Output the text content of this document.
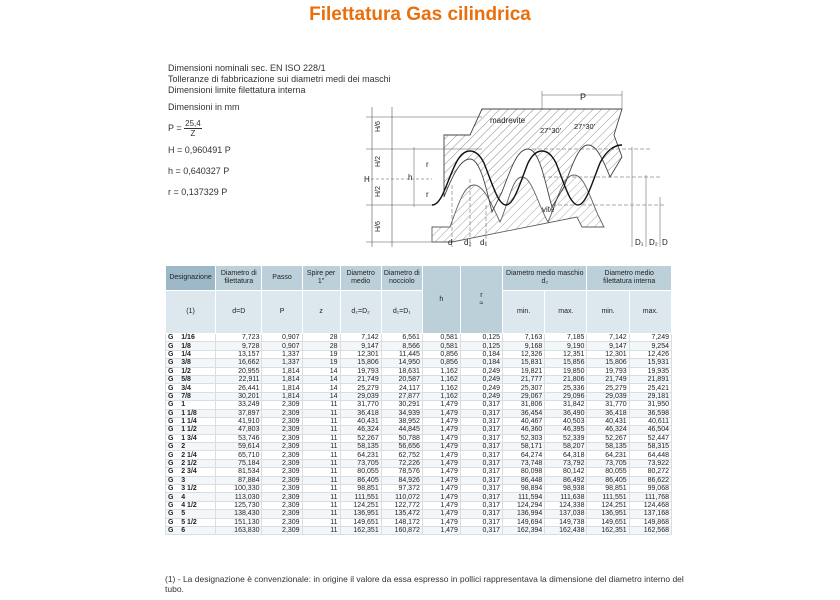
Filettatura Gas cilindrica
Dimensioni nominali sec. EN ISO 228/1
Tolleranze di fabbricazione sui diametri medi dei maschi
Dimensioni limite filettatura interna
Dimensioni in mm
$P = \frac{25,4}{Z}$
H = 0,960491 P
h = 0,640327 P
r = 0,137329 P
P
madrevite
vite
27°30' 27°30'
H/6
H/2
H/2
H/6
H	h
r
r
d d₂ d₁	D₁ D₂ D
Designazione	Diametro di filettatura	Passo	Spire per 1"	Diametro medio	Diametro di nocciolo	h	r
≈	Diametro medio maschio d₂		Diametro medio filettatura interna	
(1)	d=D	P	z	d₂=D₂	d₁=D₁			min.	max.	min.	max.
G    1/16	7,723	0,907	28	7,142	6,561	0,581	0,125	7,163	7,185	7,142	7,249
G    1/8	9,728	0,907	28	9,147	8,566	0,581	0,125	9,168	9,190	9,147	9,254
G    1/4	13,157	1,337	19	12,301	11,445	0,856	0,184	12,326	12,351	12,301	12,426
G    3/8	16,662	1,337	19	15,806	14,950	0,856	0,184	15,831	15,856	15,806	15,931
G    1/2	20,955	1,814	14	19,793	18,631	1,162	0,249	19,821	19,850	19,793	19,935
G    5/8	22,911	1,814	14	21,749	20,587	1,162	0,249	21,777	21,806	21,749	21,891
G    3/4	26,441	1,814	14	25,279	24,117	1,162	0,249	25,307	25,336	25,279	25,421
G    7/8	30,201	1,814	14	29,039	27,877	1,162	0,249	29,067	29,096	29,039	29,181
G    1	33,249	2,309	11	31,770	30,291	1,479	0,317	31,806	31,842	31,770	31,950
G    1 1/8	37,897	2,309	11	36,418	34,939	1,479	0,317	36,454	36,490	36,418	36,598
G    1 1/4	41,910	2,309	11	40,431	38,952	1,479	0,317	40,467	40,503	40,431	40,611
G    1 1/2	47,803	2,309	11	46,324	44,845	1,479	0,317	46,360	46,395	46,324	46,504
G    1 3/4	53,746	2,309	11	52,267	50,788	1,479	0,317	52,303	52,339	52,267	52,447
G    2	59,614	2,309	11	58,135	56,656	1,479	0,317	58,171	58,207	58,135	58,315
G    2 1/4	65,710	2,309	11	64,231	62,752	1,479	0,317	64,274	64,318	64,231	64,448
G    2 1/2	75,184	2,309	11	73,705	72,226	1,479	0,317	73,748	73,792	73,705	73,922
G    2 3/4	81,534	2,309	11	80,055	78,576	1,479	0,317	80,098	80,142	80,055	80,272
G    3	87,884	2,309	11	86,405	84,926	1,479	0,317	86,448	86,492	86,405	86,622
G    3 1/2	100,330	2,309	11	98,851	97,372	1,479	0,317	98,894	98,938	98,851	99,068
G    4	113,030	2,309	11	111,551	110,072	1,479	0,317	111,594	111,638	111,551	111,768
G    4 1/2	125,730	2,309	11	124,251	122,772	1,479	0,317	124,294	124,338	124,251	124,468
G    5	138,430	2,309	11	136,951	135,472	1,479	0,317	136,994	137,038	136,951	137,168
G    5 1/2	151,130	2,309	11	149,651	148,172	1,479	0,317	149,694	149,738	149,651	149,868
G    6	163,830	2,309	11	162,351	160,872	1,479	0,317	162,394	162,438	162,351	162,568
(1) - La designazione è convenzionale: in origine il valore da essa espresso in pollici rappresentava la dimensione del diametro interno del tubo.
